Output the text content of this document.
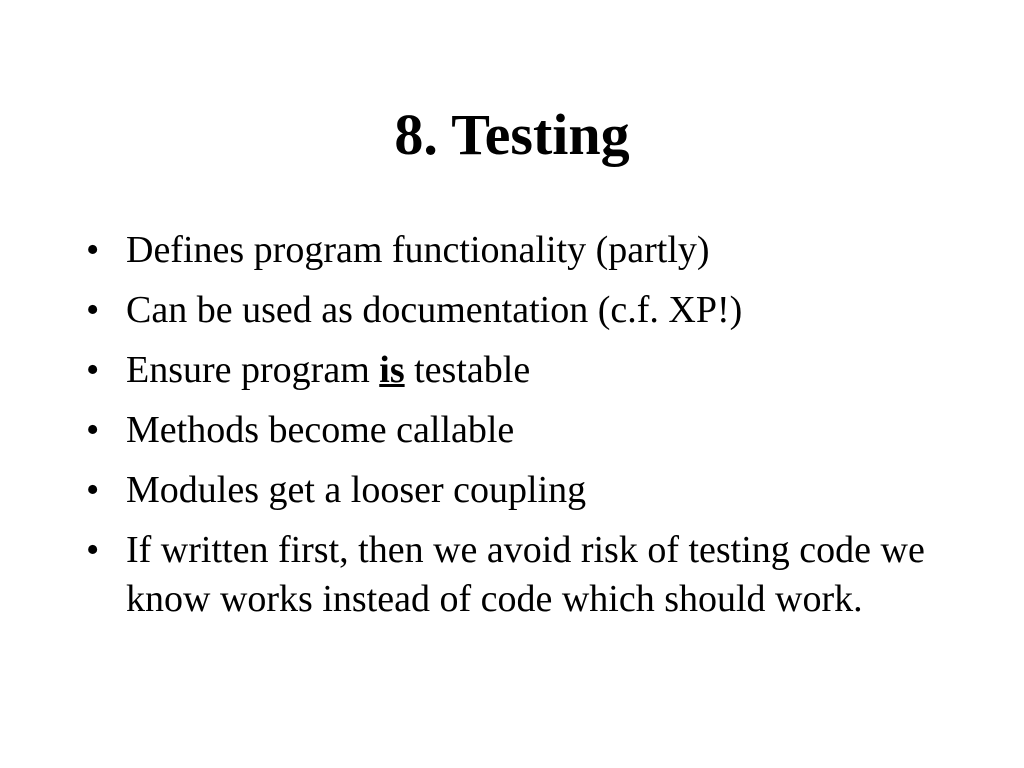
8. Testing
• Defines program functionality (partly)
• Can be used as documentation (c.f. XP!)
• Ensure program is testable
• Methods become callable
• Modules get a looser coupling
• If written first, then we avoid risk of testing code we know works instead of code which should work.
